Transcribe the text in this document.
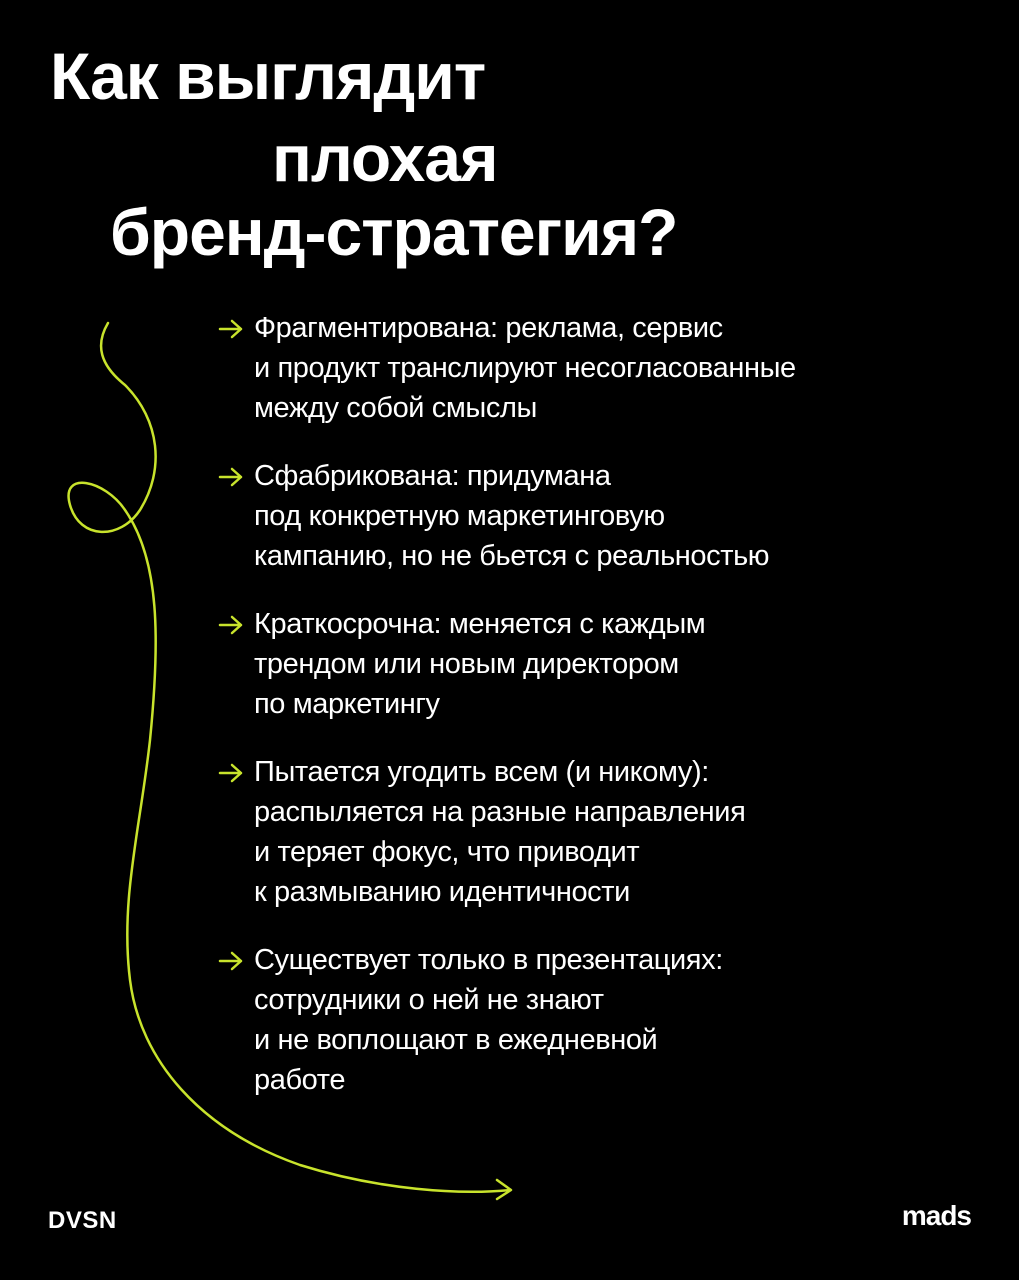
Как выглядит
плохая
бренд-стратегия?
Фрагментирована: реклама, сервис
и продукт транслируют несогласованные
между собой смыслы
Сфабрикована: придумана
под конкретную маркетинговую
кампанию, но не бьется с реальностью
Краткосрочна: меняется с каждым
трендом или новым директором
по маркетингу
Пытается угодить всем (и никому):
распыляется на разные направления
и теряет фокус, что приводит
к размыванию идентичности
Существует только в презентациях:
сотрудники о ней не знают
и не воплощают в ежедневной
работе
DVSN	mads
